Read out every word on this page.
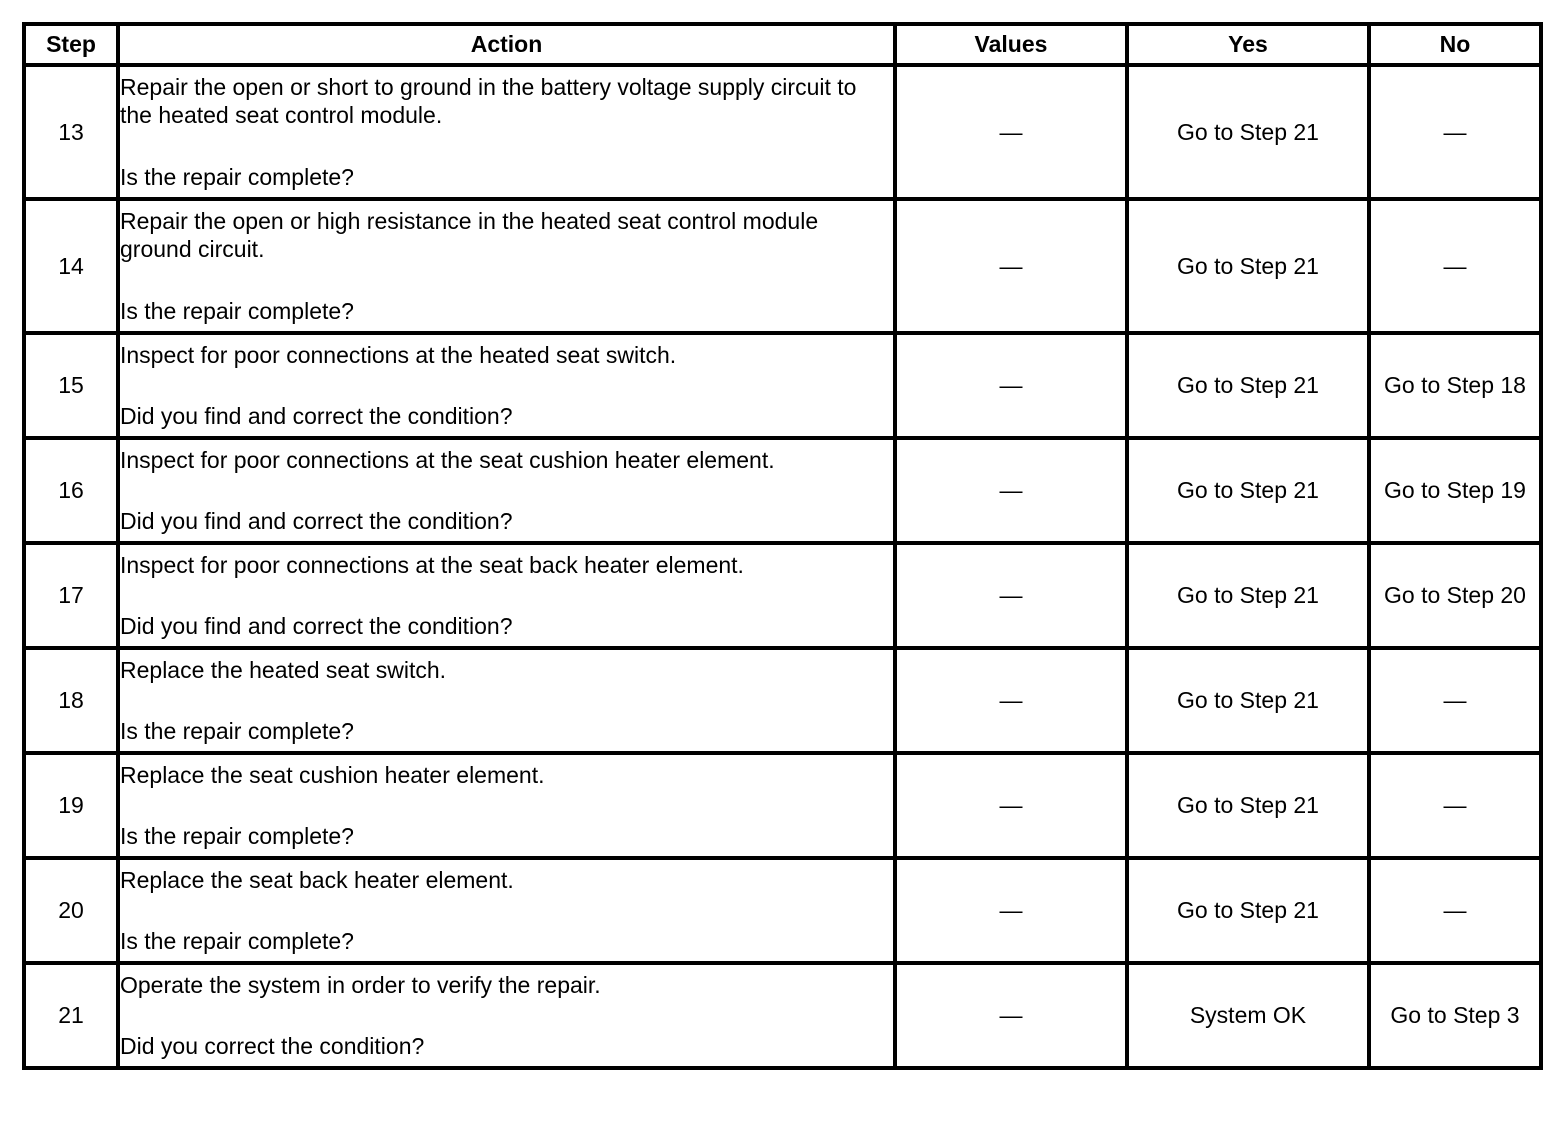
Step	Action	Values	Yes	No
13	Repair the open or short to ground in the battery voltage supply circuit to the heated seat control module.
Is the repair complete?	—	Go to Step 21	—
14	Repair the open or high resistance in the heated seat control module ground circuit.
Is the repair complete?	—	Go to Step 21	—
15	Inspect for poor connections at the heated seat switch.
Did you find and correct the condition?	—	Go to Step 21	Go to Step 18
16	Inspect for poor connections at the seat cushion heater element.
Did you find and correct the condition?	—	Go to Step 21	Go to Step 19
17	Inspect for poor connections at the seat back heater element.
Did you find and correct the condition?	—	Go to Step 21	Go to Step 20
18	Replace the heated seat switch.
Is the repair complete?	—	Go to Step 21	—
19	Replace the seat cushion heater element.
Is the repair complete?	—	Go to Step 21	—
20	Replace the seat back heater element.
Is the repair complete?	—	Go to Step 21	—
21	Operate the system in order to verify the repair.
Did you correct the condition?	—	System OK	Go to Step 3
